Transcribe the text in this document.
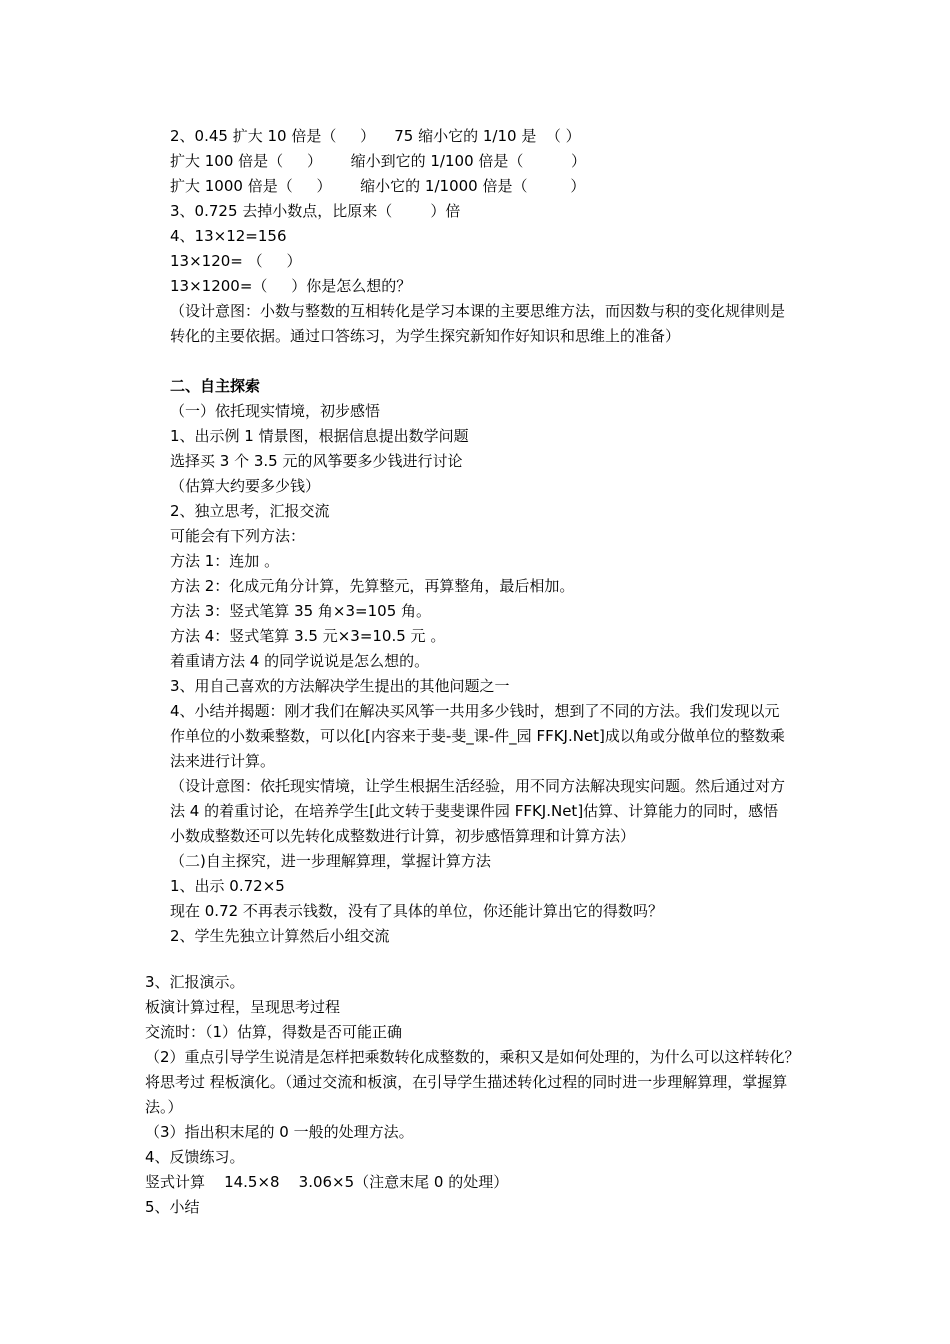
2、0.45 扩大 10 倍是（     ）    75 缩小它的 1/10 是  （ ）
扩大 100 倍是（     ）      缩小到它的 1/100 倍是（          ）
扩大 1000 倍是（     ）      缩小它的 1/1000 倍是（         ）
3、0.725 去掉小数点，比原来（        ）倍
4、13×12=156
13×120= （     ）
13×1200=（     ）你是怎么想的？
（设计意图：小数与整数的互相转化是学习本课的主要思维方法，而因数与积的变化规律则是转化的主要依据。通过口答练习，为学生探究新知作好知识和思维上的准备）
二、自主探索
（一）依托现实情境，初步感悟
1、出示例 1 情景图，根据信息提出数学问题
选择买 3 个 3.5 元的风筝要多少钱进行讨论
（估算大约要多少钱）
2、独立思考，汇报交流
可能会有下列方法：
方法 1：连加 。
方法 2：化成元角分计算，先算整元，再算整角，最后相加。
方法 3：竖式笔算 35 角×3=105 角。
方法 4：竖式笔算 3.5 元×3=10.5 元 。
着重请方法 4 的同学说说是怎么想的。
3、用自己喜欢的方法解决学生提出的其他问题之一
4、小结并揭题：刚才我们在解决买风筝一共用多少钱时，想到了不同的方法。我们发现以元作单位的小数乘整数，可以化[内容来于斐-斐_课-件_园 FFKJ.Net]成以角或分做单位的整数乘法来进行计算。
（设计意图：依托现实情境，让学生根据生活经验，用不同方法解决现实问题。然后通过对方法 4 的着重讨论，在培养学生[此文转于斐斐课件园 FFKJ.Net]估算、计算能力的同时，感悟小数成整数还可以先转化成整数进行计算，初步感悟算理和计算方法）
（二)自主探究，进一步理解算理，掌握计算方法
1、出示 0.72×5
现在 0.72 不再表示钱数，没有了具体的单位，你还能计算出它的得数吗？
2、学生先独立计算然后小组交流
3、汇报演示。
板演计算过程，呈现思考过程
交流时：（1）估算，得数是否可能正确
（2）重点引导学生说清是怎样把乘数转化成整数的，乘积又是如何处理的，为什么可以这样转化？将思考过 程板演化。（通过交流和板演，在引导学生描述转化过程的同时进一步理解算理，掌握算法。）
（3）指出积末尾的 0 一般的处理方法。
4、反馈练习。
竖式计算    14.5×8    3.06×5（注意末尾 0 的处理）
5、小结
